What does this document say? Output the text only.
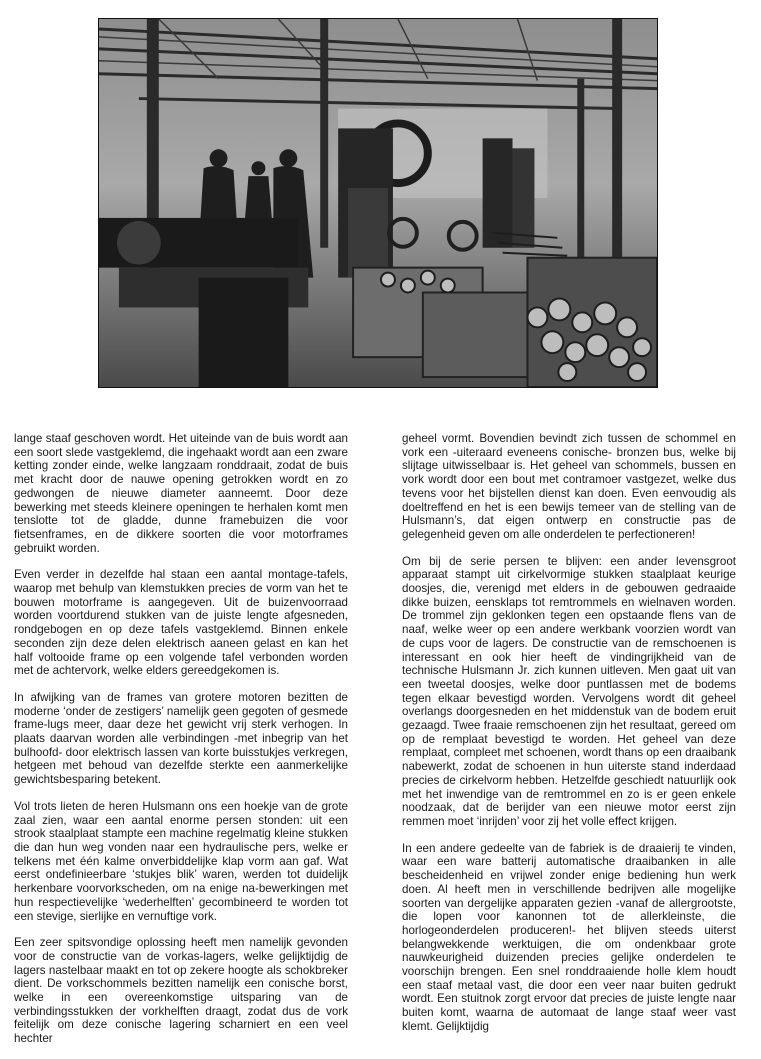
lange staaf geschoven wordt. Het uiteinde van de buis wordt aan een soort slede vastgeklemd, die ingehaakt wordt aan een zware ketting zonder einde, welke langzaam ronddraait, zodat de buis met kracht door de nauwe opening getrokken wordt en zo gedwongen de nieuwe diameter aanneemt. Door deze bewerking met steeds kleinere openingen te herhalen komt men tenslotte tot de gladde, dunne framebuizen die voor fietsenframes, en de dikkere soorten die voor motorframes gebruikt worden.

Even verder in dezelfde hal staan een aantal montage-tafels, waarop met behulp van klemstukken precies de vorm van het te bouwen motorframe is aangegeven. Uit de buizenvoorraad worden voortdurend stukken van de juiste lengte afgesneden, rondgebogen en op deze tafels vastgeklemd. Binnen enkele seconden zijn deze delen elektrisch aaneen gelast en kan het half voltooide frame op een volgende tafel verbonden worden met de achtervork, welke elders gereedgekomen is.

In afwijking van de frames van grotere motoren bezitten de moderne ‘onder de zestigers’ namelijk geen gegoten of gesmede frame-lugs meer, daar deze het gewicht vrij sterk verhogen. In plaats daarvan worden alle verbindingen -met inbegrip van het bulhoofd- door elektrisch lassen van korte buisstukjes verkregen, hetgeen met behoud van dezelfde sterkte een aanmerkelijke gewichtsbesparing betekent.

Vol trots lieten de heren Hulsmann ons een hoekje van de grote zaal zien, waar een aantal enorme persen stonden: uit een strook staalplaat stampte een machine regelmatig kleine stukken die dan hun weg vonden naar een hydraulische pers, welke er telkens met één kalme onverbiddelijke klap vorm aan gaf. Wat eerst ondefinieerbare ‘stukjes blik’ waren, werden tot duidelijk herkenbare voorvorkscheden, om na enige na-bewerkingen met hun respectievelijke ‘wederhelften’ gecombineerd te worden tot een stevige, sierlijke en vernuftige vork.

Een zeer spitsvondige oplossing heeft men namelijk gevonden voor de constructie van de vorkas-lagers, welke gelijktijdig de lagers nastelbaar maakt en tot op zekere hoogte als schokbreker dient. De vorkschommels bezitten namelijk een conische borst, welke in een overeenkomstige uitsparing van de verbindingsstukken der vorkhelften draagt, zodat dus de vork feitelijk om deze conische lagering scharniert en een veel hechter

geheel vormt. Bovendien bevindt zich tussen de schommel en vork een -uiteraard eveneens conische- bronzen bus, welke bij slijtage uitwisselbaar is. Het geheel van schommels, bussen en vork wordt door een bout met contramoer vastgezet, welke dus tevens voor het bijstellen dienst kan doen. Even eenvoudig als doeltreffend en het is een bewijs temeer van de stelling van de Hulsmann’s, dat eigen ontwerp en constructie pas de gelegenheid geven om alle onderdelen te perfectioneren!

Om bij de serie persen te blijven: een ander levensgroot apparaat stampt uit cirkelvormige stukken staalplaat keurige doosjes, die, verenigd met elders in de gebouwen gedraaide dikke buizen, eensklaps tot remtrommels en wielnaven worden. De trommel zijn geklonken tegen een opstaande flens van de naaf, welke weer op een andere werkbank voorzien wordt van de cups voor de lagers. De constructie van de remschoenen is interessant en ook hier heeft de vindingrijkheid van de technische Hulsmann Jr. zich kunnen uitleven. Men gaat uit van een tweetal doosjes, welke door puntlassen met de bodems tegen elkaar bevestigd worden. Vervolgens wordt dit geheel overlangs doorgesneden en het middenstuk van de bodem eruit gezaagd. Twee fraaie remschoenen zijn het resultaat, gereed om op de remplaat bevestigd te worden. Het geheel van deze remplaat, compleet met schoenen, wordt thans op een draaibank nabewerkt, zodat de schoenen in hun uiterste stand inderdaad precies de cirkelvorm hebben. Hetzelfde geschiedt natuurlijk ook met het inwendige van de remtrommel en zo is er geen enkele noodzaak, dat de berijder van een nieuwe motor eerst zijn remmen moet ‘inrijden’ voor zij het volle effect krijgen.

In een andere gedeelte van de fabriek is de draaierij te vinden, waar een ware batterij automatische draaibanken in alle bescheidenheid en vrijwel zonder enige bediening hun werk doen. Al heeft men in verschillende bedrijven alle mogelijke soorten van dergelijke apparaten gezien -vanaf de allergrootste, die lopen voor kanonnen tot de allerkleinste, die horlogeonderdelen produceren!- het blijven steeds uiterst belangwekkende werktuigen, die om ondenkbaar grote nauwkeurigheid duizenden precies gelijke onderdelen te voorschijn brengen. Een snel ronddraaiende holle klem houdt een staaf metaal vast, die door een veer naar buiten gedrukt wordt. Een stuitnok zorgt ervoor dat precies de juiste lengte naar buiten komt, waarna de automaat de lange staaf weer vast klemt. Gelijktijdig
